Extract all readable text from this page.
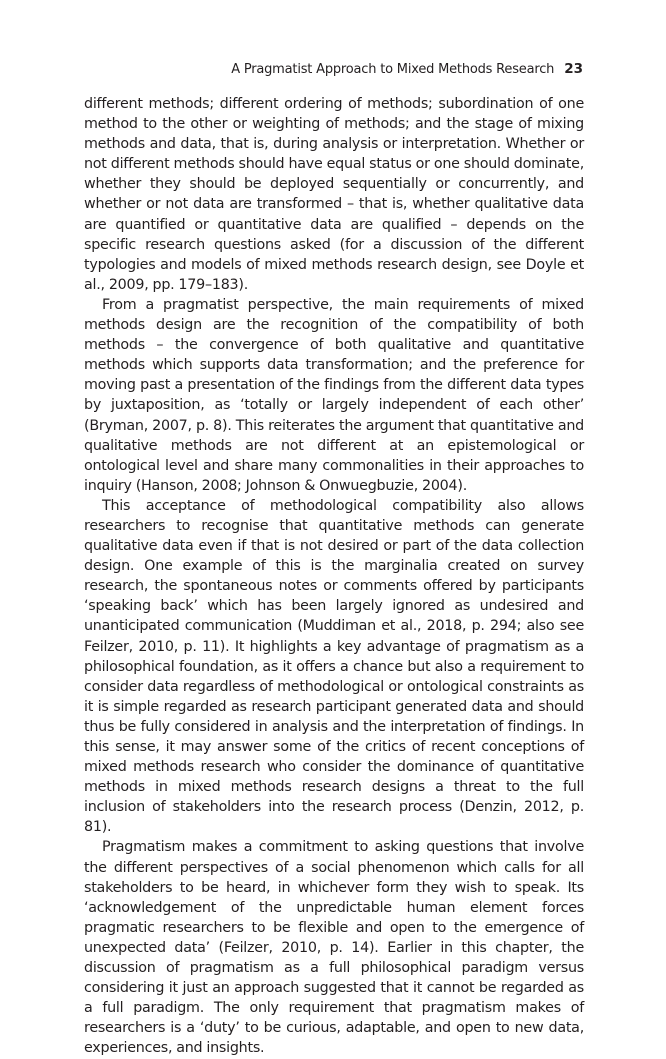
A Pragmatist Approach to Mixed Methods Research 23

different methods; different ordering of methods; subordination of one method to the other or weighting of methods; and the stage of mixing methods and data, that is, during analysis or interpretation. Whether or not different methods should have equal status or one should dominate, whether they should be deployed sequentially or concurrently, and whether or not data are transformed – that is, whether qualitative data are quantified or quantitative data are qualified – depends on the specific research questions asked (for a discussion of the different typologies and models of mixed methods research design, see Doyle et al., 2009, pp. 179–183).

From a pragmatist perspective, the main requirements of mixed methods design are the recognition of the compatibility of both methods – the convergence of both qualitative and quantitative methods which supports data transformation; and the preference for moving past a presentation of the findings from the different data types by juxtaposition, as ‘totally or largely independent of each other’ (Bryman, 2007, p. 8). This reiterates the argument that quantitative and qualitative methods are not different at an epistemological or ontological level and share many commonalities in their approaches to inquiry (Hanson, 2008; Johnson & Onwuegbuzie, 2004).

This acceptance of methodological compatibility also allows researchers to recognise that quantitative methods can generate qualitative data even if that is not desired or part of the data collection design. One example of this is the marginalia created on survey research, the spontaneous notes or comments offered by participants ‘speaking back’ which has been largely ignored as undesired and unanticipated communication (Muddiman et al., 2018, p. 294; also see Feilzer, 2010, p. 11). It highlights a key advantage of pragmatism as a philosophical foundation, as it offers a chance but also a requirement to consider data regardless of methodological or ontological constraints as it is simple regarded as research participant generated data and should thus be fully considered in analysis and the interpretation of findings. In this sense, it may answer some of the critics of recent conceptions of mixed methods research who consider the dominance of quantitative methods in mixed methods research designs a threat to the full inclusion of stakeholders into the research process (Denzin, 2012, p. 81).

Pragmatism makes a commitment to asking questions that involve the different perspectives of a social phenomenon which calls for all stakeholders to be heard, in whichever form they wish to speak. Its ‘acknowledgement of the unpredictable human element forces pragmatic researchers to be flexible and open to the emergence of unexpected data’ (Feilzer, 2010, p. 14). Earlier in this chapter, the discussion of pragmatism as a full philosophical paradigm versus considering it just an approach suggested that it cannot be regarded as a full paradigm. The only requirement that pragmatism makes of researchers is a ‘duty’ to be curious, adaptable, and open to new data, experiences, and insights.
